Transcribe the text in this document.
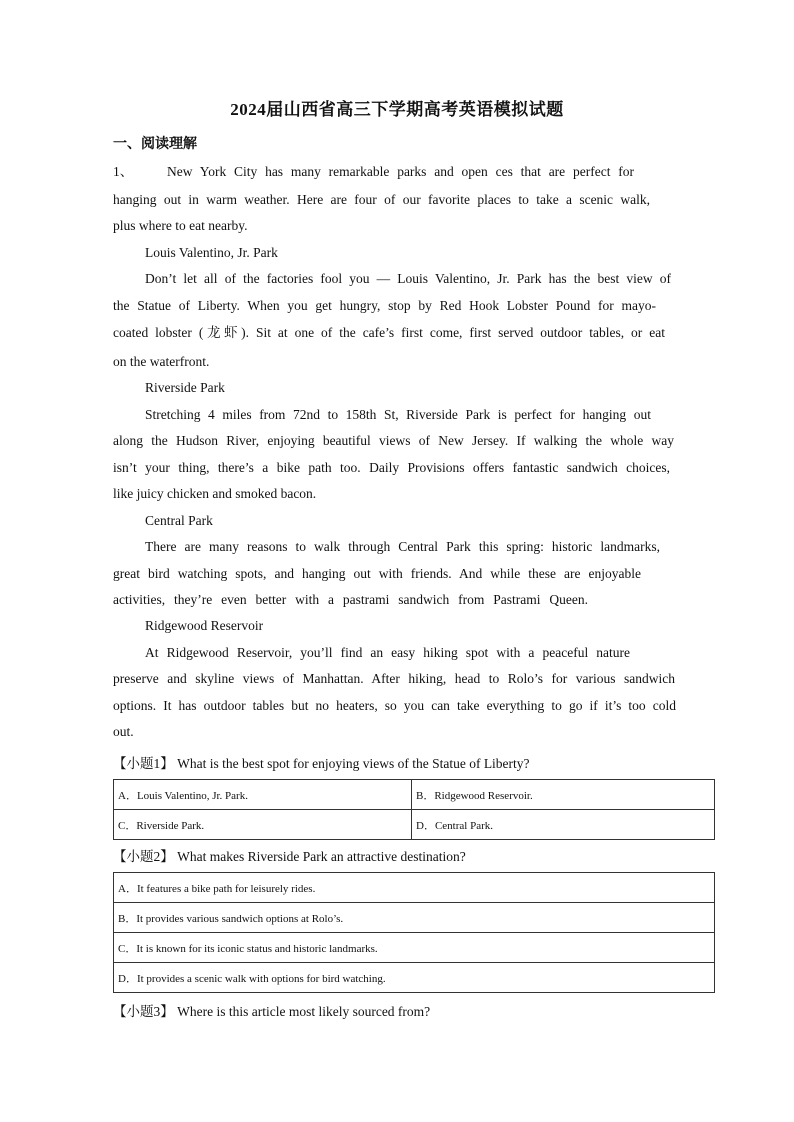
2024届山西省高三下学期高考英语模拟试题
一、阅读理解
1、	New York City has many remarkable parks and open ces that are perfect for
hanging out in warm weather. Here are four of our favorite places to take a scenic walk,
plus where to eat nearby.
Louis Valentino, Jr. Park
Don’t let all of the factories fool you — Louis Valentino, Jr. Park has the best view of
the Statue of Liberty. When you get hungry, stop by Red Hook Lobster Pound for mayo-
coated lobster (龙虾). Sit at one of the cafe’s first come, first served outdoor tables, or eat
on the waterfront.
Riverside Park
Stretching 4 miles from 72nd to 158th St, Riverside Park is perfect for hanging out
along the Hudson River, enjoying beautiful views of New Jersey. If walking the whole way
isn’t your thing, there’s a bike path too. Daily Provisions offers fantastic sandwich choices,
like juicy chicken and smoked bacon.
Central Park
There are many reasons to walk through Central Park this spring: historic landmarks,
great bird watching spots, and hanging out with friends. And while these are enjoyable
activities, they’re even better with a pastrami sandwich from Pastrami Queen.
Ridgewood Reservoir
At Ridgewood Reservoir, you’ll find an easy hiking spot with a peaceful nature
preserve and skyline views of Manhattan. After hiking, head to Rolo’s for various sandwich
options. It has outdoor tables but no heaters, so you can take everything to go if it’s too cold
out.
【小题1】 What is the best spot for enjoying views of the Statue of Liberty?
A．Louis Valentino, Jr. Park.	B．Ridgewood Reservoir.
C．Riverside Park.	D．Central Park.
【小题2】 What makes Riverside Park an attractive destination?
A．It features a bike path for leisurely rides.
B．It provides various sandwich options at Rolo’s.
C．It is known for its iconic status and historic landmarks.
D．It provides a scenic walk with options for bird watching.
【小题3】 Where is this article most likely sourced from?
